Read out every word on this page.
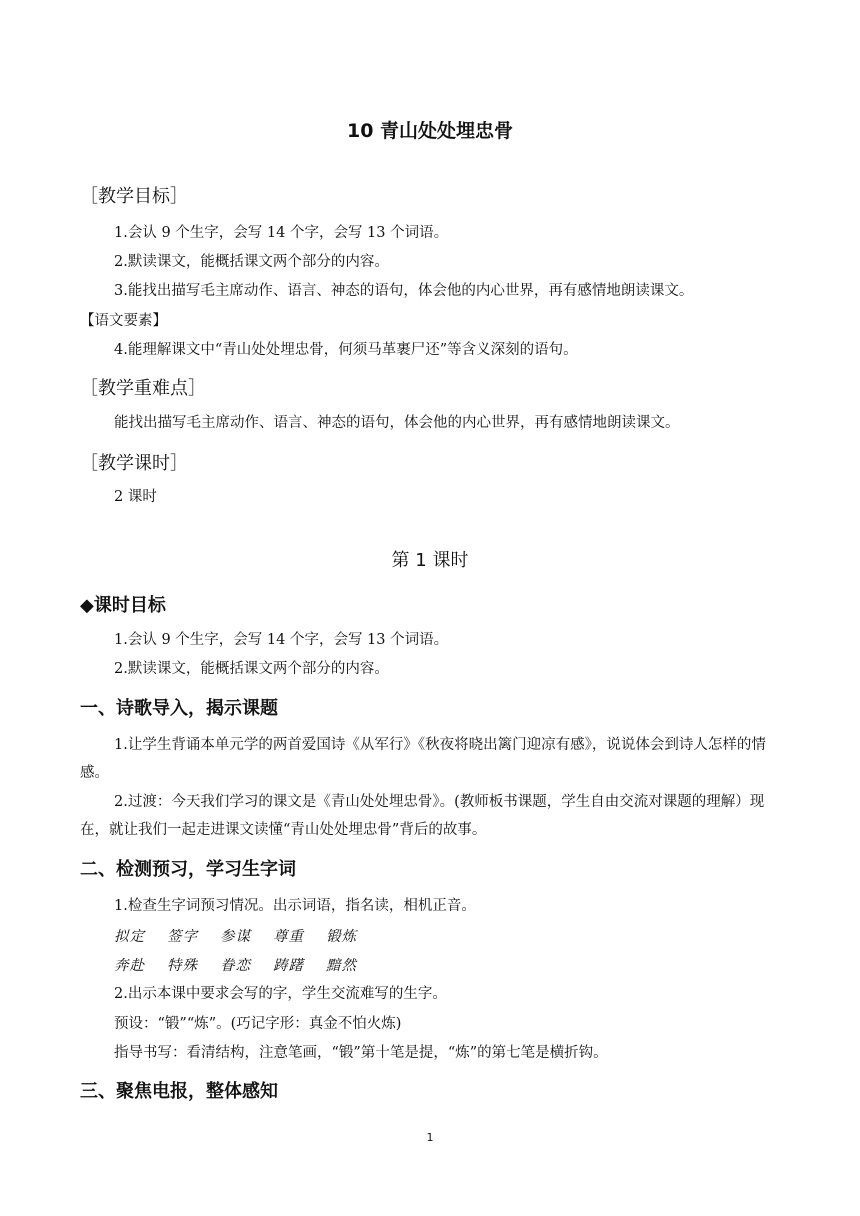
10 青山处处埋忠骨
［教学目标］
1.会认 9 个生字，会写 14 个字，会写 13 个词语。
2.默读课文，能概括课文两个部分的内容。
3.能找出描写毛主席动作、语言、神态的语句，体会他的内心世界，再有感情地朗读课文。
【语文要素】
4.能理解课文中“青山处处埋忠骨，何须马革裹尸还”等含义深刻的语句。
［教学重难点］
能找出描写毛主席动作、语言、神态的语句，体会他的内心世界，再有感情地朗读课文。
［教学课时］
2 课时
第 1 课时
◆课时目标
1.会认 9 个生字，会写 14 个字，会写 13 个词语。
2.默读课文，能概括课文两个部分的内容。
一、诗歌导入，揭示课题
1.让学生背诵本单元学的两首爱国诗《从军行》《秋夜将晓出篱门迎凉有感》，说说体会到诗人怎样的情感。
2.过渡：今天我们学习的课文是《青山处处埋忠骨》。(教师板书课题，学生自由交流对课题的理解）现在，就让我们一起走进课文读懂“青山处处埋忠骨”背后的故事。
二、检测预习，学习生字词
1.检查生字词预习情况。出示词语，指名读，相机正音。
拟定 签字 参谋 尊重 锻炼
奔赴 特殊 眷恋 踌躇 黯然
2.出示本课中要求会写的字，学生交流难写的生字。
预设：“锻”“炼”。(巧记字形：真金不怕火炼)
指导书写：看清结构，注意笔画，“锻”第十笔是提，“炼”的第七笔是横折钩。
三、聚焦电报，整体感知
1
